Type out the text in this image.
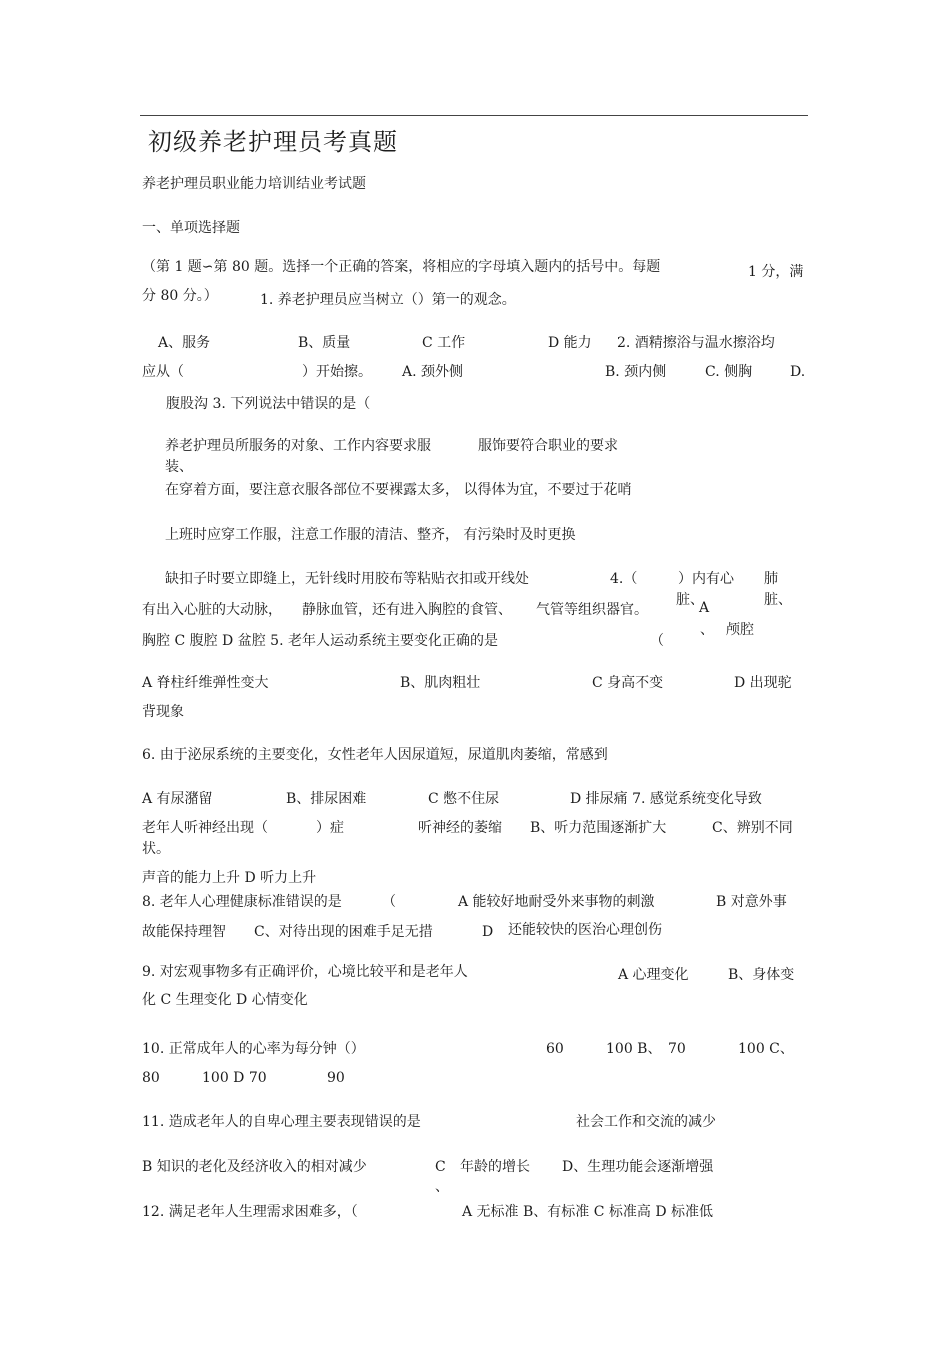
初级养老护理员考真题
养老护理员职业能力培训结业考试题
一、单项选择题
（第 1 题∽第 80 题。选择一个正确的答案，将相应的字母填入题内的括号中。每题	1 分，满
分 80 分。）	1. 养老护理员应当树立（）第一的观念。
A、服务	B、质量	C 工作	D 能力 2. 酒精擦浴与温水擦浴均
应从（	）开始擦。 A. 颈外侧	B. 颈内侧	C. 侧胸	D.
腹股沟 3. 下列说法中错误的是（
养老护理员所服务的对象、工作内容要求服	服饰要符合职业的要求
装、
在穿着方面，要注意衣服各部位不要裸露太多， 以得体为宜，不要过于花哨
上班时应穿工作服，注意工作服的清洁、整齐， 有污染时及时更换
缺扣子时要立即缝上，无针线时用胶布等粘贴衣扣或开线处	4.（	）内有心 肺
脏、	脏、
A
有出入心脏的大动脉， 静脉血管，还有进入胸腔的食管、 气管等组织器官。
胸腔 C 腹腔 D 盆腔 5. 老年人运动系统主要变化正确的是	（
、 颅腔
A 脊柱纤维弹性变大	B、肌肉粗壮	C 身高不变	D 出现驼
背现象
6. 由于泌尿系统的主要变化，女性老年人因尿道短，尿道肌肉萎缩，常感到
A 有尿潴留	B、排尿困难	C 憋不住尿	D 排尿痛 7. 感觉系统变化导致
老年人听神经出现（	）症	听神经的萎缩 B、听力范围逐渐扩大	C、辨别不同
状。
声音的能力上升 D 听力上升
8. 老年人心理健康标准错误的是	（	A 能较好地耐受外来事物的刺激	B 对意外事
故能保持理智 C、对待出现的困难手足无措	D 还能较快的医治心理创伤
9. 对宏观事物多有正确评价，心境比较平和是老年人	A 心理变化	B、身体变
化 C 生理变化 D 心情变化
10. 正常成年人的心率为每分钟（）	60	100 B、 70	100 C、
80	100 D 70	90
11. 造成老年人的自卑心理主要表现错误的是	社会工作和交流的减少
B 知识的老化及经济收入的相对减少	C
、
年龄的增长 D、生理功能会逐渐增强
12. 满足老年人生理需求困难多，（	A 无标准 B、有标准 C 标准高 D 标准低
